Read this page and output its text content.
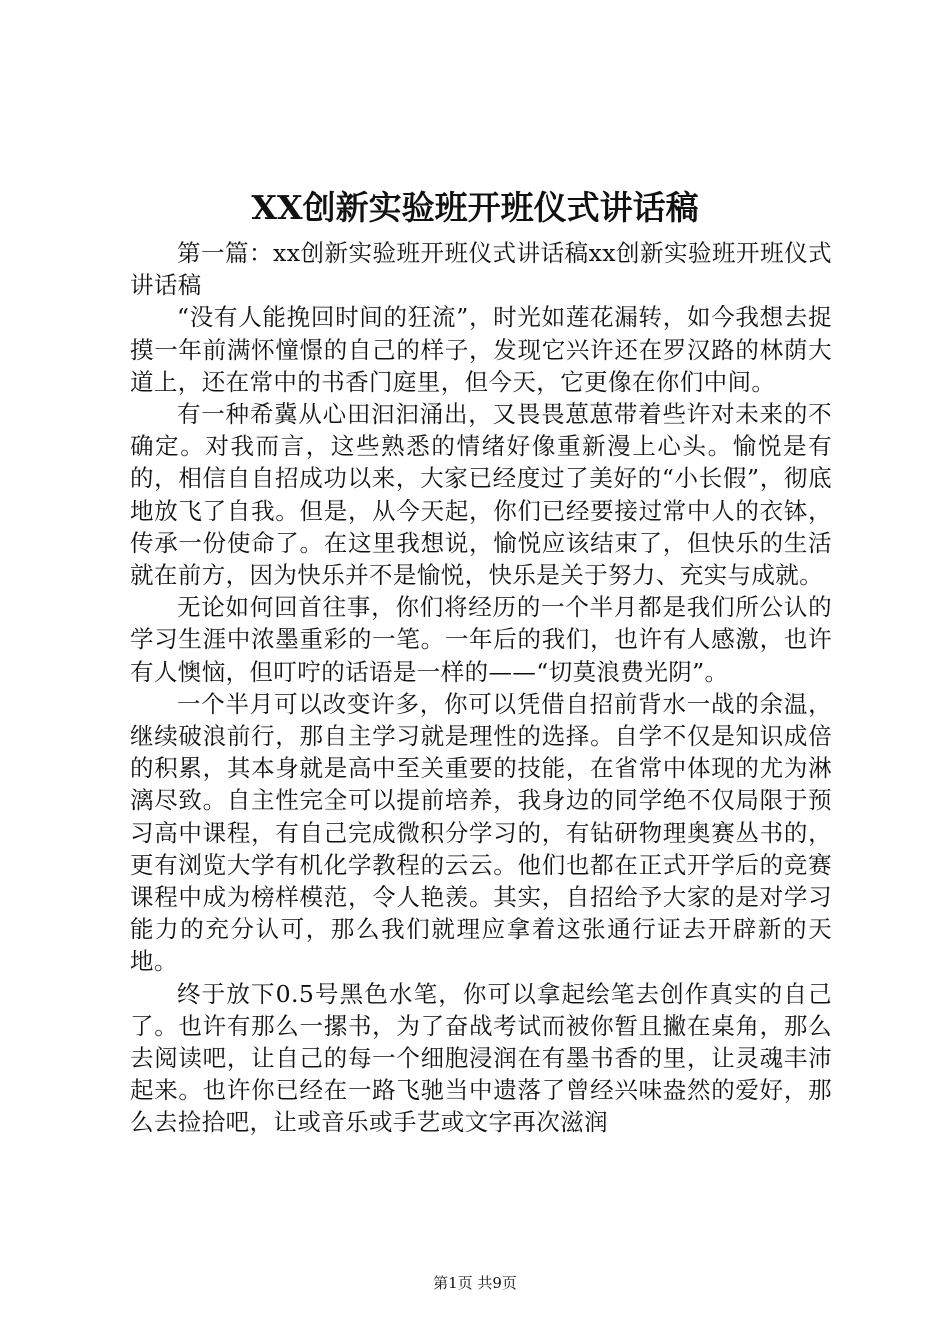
XX创新实验班开班仪式讲话稿

第一篇：xx创新实验班开班仪式讲话稿xx创新实验班开班仪式讲话稿

“没有人能挽回时间的狂流”，时光如莲花漏转，如今我想去捉摸一年前满怀憧憬的自己的样子，发现它兴许还在罗汉路的林荫大道上，还在常中的书香门庭里，但今天，它更像在你们中间。

有一种希冀从心田汩汩涌出，又畏畏葸葸带着些许对未来的不确定。对我而言，这些熟悉的情绪好像重新漫上心头。愉悦是有的，相信自自招成功以来，大家已经度过了美好的“小长假”，彻底地放飞了自我。但是，从今天起，你们已经要接过常中人的衣钵，传承一份使命了。在这里我想说，愉悦应该结束了，但快乐的生活就在前方，因为快乐并不是愉悦，快乐是关于努力、充实与成就。

无论如何回首往事，你们将经历的一个半月都是我们所公认的学习生涯中浓墨重彩的一笔。一年后的我们，也许有人感激，也许有人懊恼，但叮咛的话语是一样的——“切莫浪费光阴”。

一个半月可以改变许多，你可以凭借自招前背水一战的余温，继续破浪前行，那自主学习就是理性的选择。自学不仅是知识成倍的积累，其本身就是高中至关重要的技能，在省常中体现的尤为淋漓尽致。自主性完全可以提前培养，我身边的同学绝不仅局限于预习高中课程，有自己完成微积分学习的，有钻研物理奥赛丛书的，更有浏览大学有机化学教程的云云。他们也都在正式开学后的竞赛课程中成为榜样模范，令人艳羡。其实，自招给予大家的是对学习能力的充分认可，那么我们就理应拿着这张通行证去开辟新的天地。

终于放下0.5号黑色水笔，你可以拿起绘笔去创作真实的自己了。也许有那么一摞书，为了奋战考试而被你暂且撇在桌角，那么去阅读吧，让自己的每一个细胞浸润在有墨书香的里，让灵魂丰沛起来。也许你已经在一路飞驰当中遗落了曾经兴味盎然的爱好，那么去捡拾吧，让或音乐或手艺或文字再次滋润

第1页 共9页
